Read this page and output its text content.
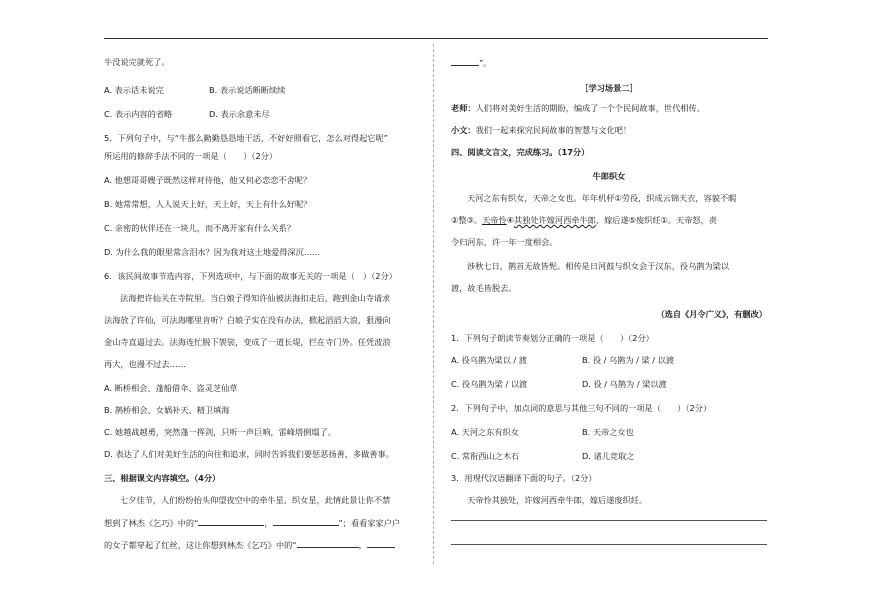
牛没说完就死了。
A. 表示话未说完	B. 表示说话断断续续
C. 表示内容的省略	D. 表示余意未尽
5．下列句子中，与“牛那么勤勤恳恳地干活，不好好照看它，怎么对得起它呢”
所运用的修辞手法不同的一项是（　　）（2分）
A. 他想哥哥嫂子既然这样对待他，他又何必恋恋不舍呢？
B. 她常常想，人人说天上好，天上好，天上有什么好呢？
C. 亲密的伙伴还在一块儿，而不离开家有什么关系？
D. 为什么我的眼里常含泪水？因为我对这土地爱得深沉……
6．该民间故事节选内容，下列选项中，与下面的故事无关的一项是（　）（2分）
法海把许仙关在寺院里。当白娘子得知许仙被法海扣走后，跑到金山寺请求
法海放了许仙，可法海哪里肯听？白娘子实在没有办法，掀起滔滔大浪，狠漫向
金山寺直逼过去。法海连忙脱下袈裟，变成了一道长堤，拦在寺门外。任凭波浪
再大，也漫不过去……
A. 断桥相会、蓬船借伞、盗灵芝仙草
B. 鹊桥相会、女娲补天、精卫填海
C. 她越战越勇，突然蓬一挥剑，只听一声巨响，雷峰塔倒塌了。
D. 表达了人们对美好生活的向往和追求，同时告诉我们要惩恶扬善，多做善事。
三、根据课文内容填空。（4分）
七夕佳节，人们纷纷抬头仰望夜空中的牵牛星、织女星，此情此景让你不禁
想到了林杰《乞巧》中的“	，	”；看看家家户户
的女子都穿起了红丝，这让你想到林杰《乞巧》中的“	，
”。
［学习场景二］
老师：人们将对美好生活的期盼，编成了一个个民间故事，世代相传。
小文：我们一起来探究民间故事的智慧与文化吧！
四、阅读文言文，完成练习。（17分）
牛郎织女
天河之东有织女，天帝之女也。年年机杼①劳役，织成云锦天衣，容貌不暇
②整③。天帝怜④其独处许嫁河西牵牛郎，嫁后遂⑤废织纴①。天帝怒，责
令归河东，许一年一度相会。
涉秋七日，鹊首无故皆髡。相传是日河鼓与织女会于汉东，役乌鹊为梁以
渡，故毛皆脱去。
（选自《月令广义》，有删改）
1．下列句子朗读节奏划分正确的一项是（　　）（2分）
A. 役乌鹊为梁以 / 渡	B. 役 / 乌鹊为 / 梁 / 以渡
C. 役乌鹊为梁 / 以渡	D. 役 / 乌鹊为 / 梁以渡
2．下列句子中，加点词的意思与其他三句不同的一项是（　　）（2分）
A. 天河之东有织女	B. 天帝之女也
C. 常衔西山之木石	D. 诸儿竞取之
3．用现代汉语翻译下面的句子。（2分）
天帝怜其独处，许嫁河西牵牛郎，嫁后遂废织纴。
